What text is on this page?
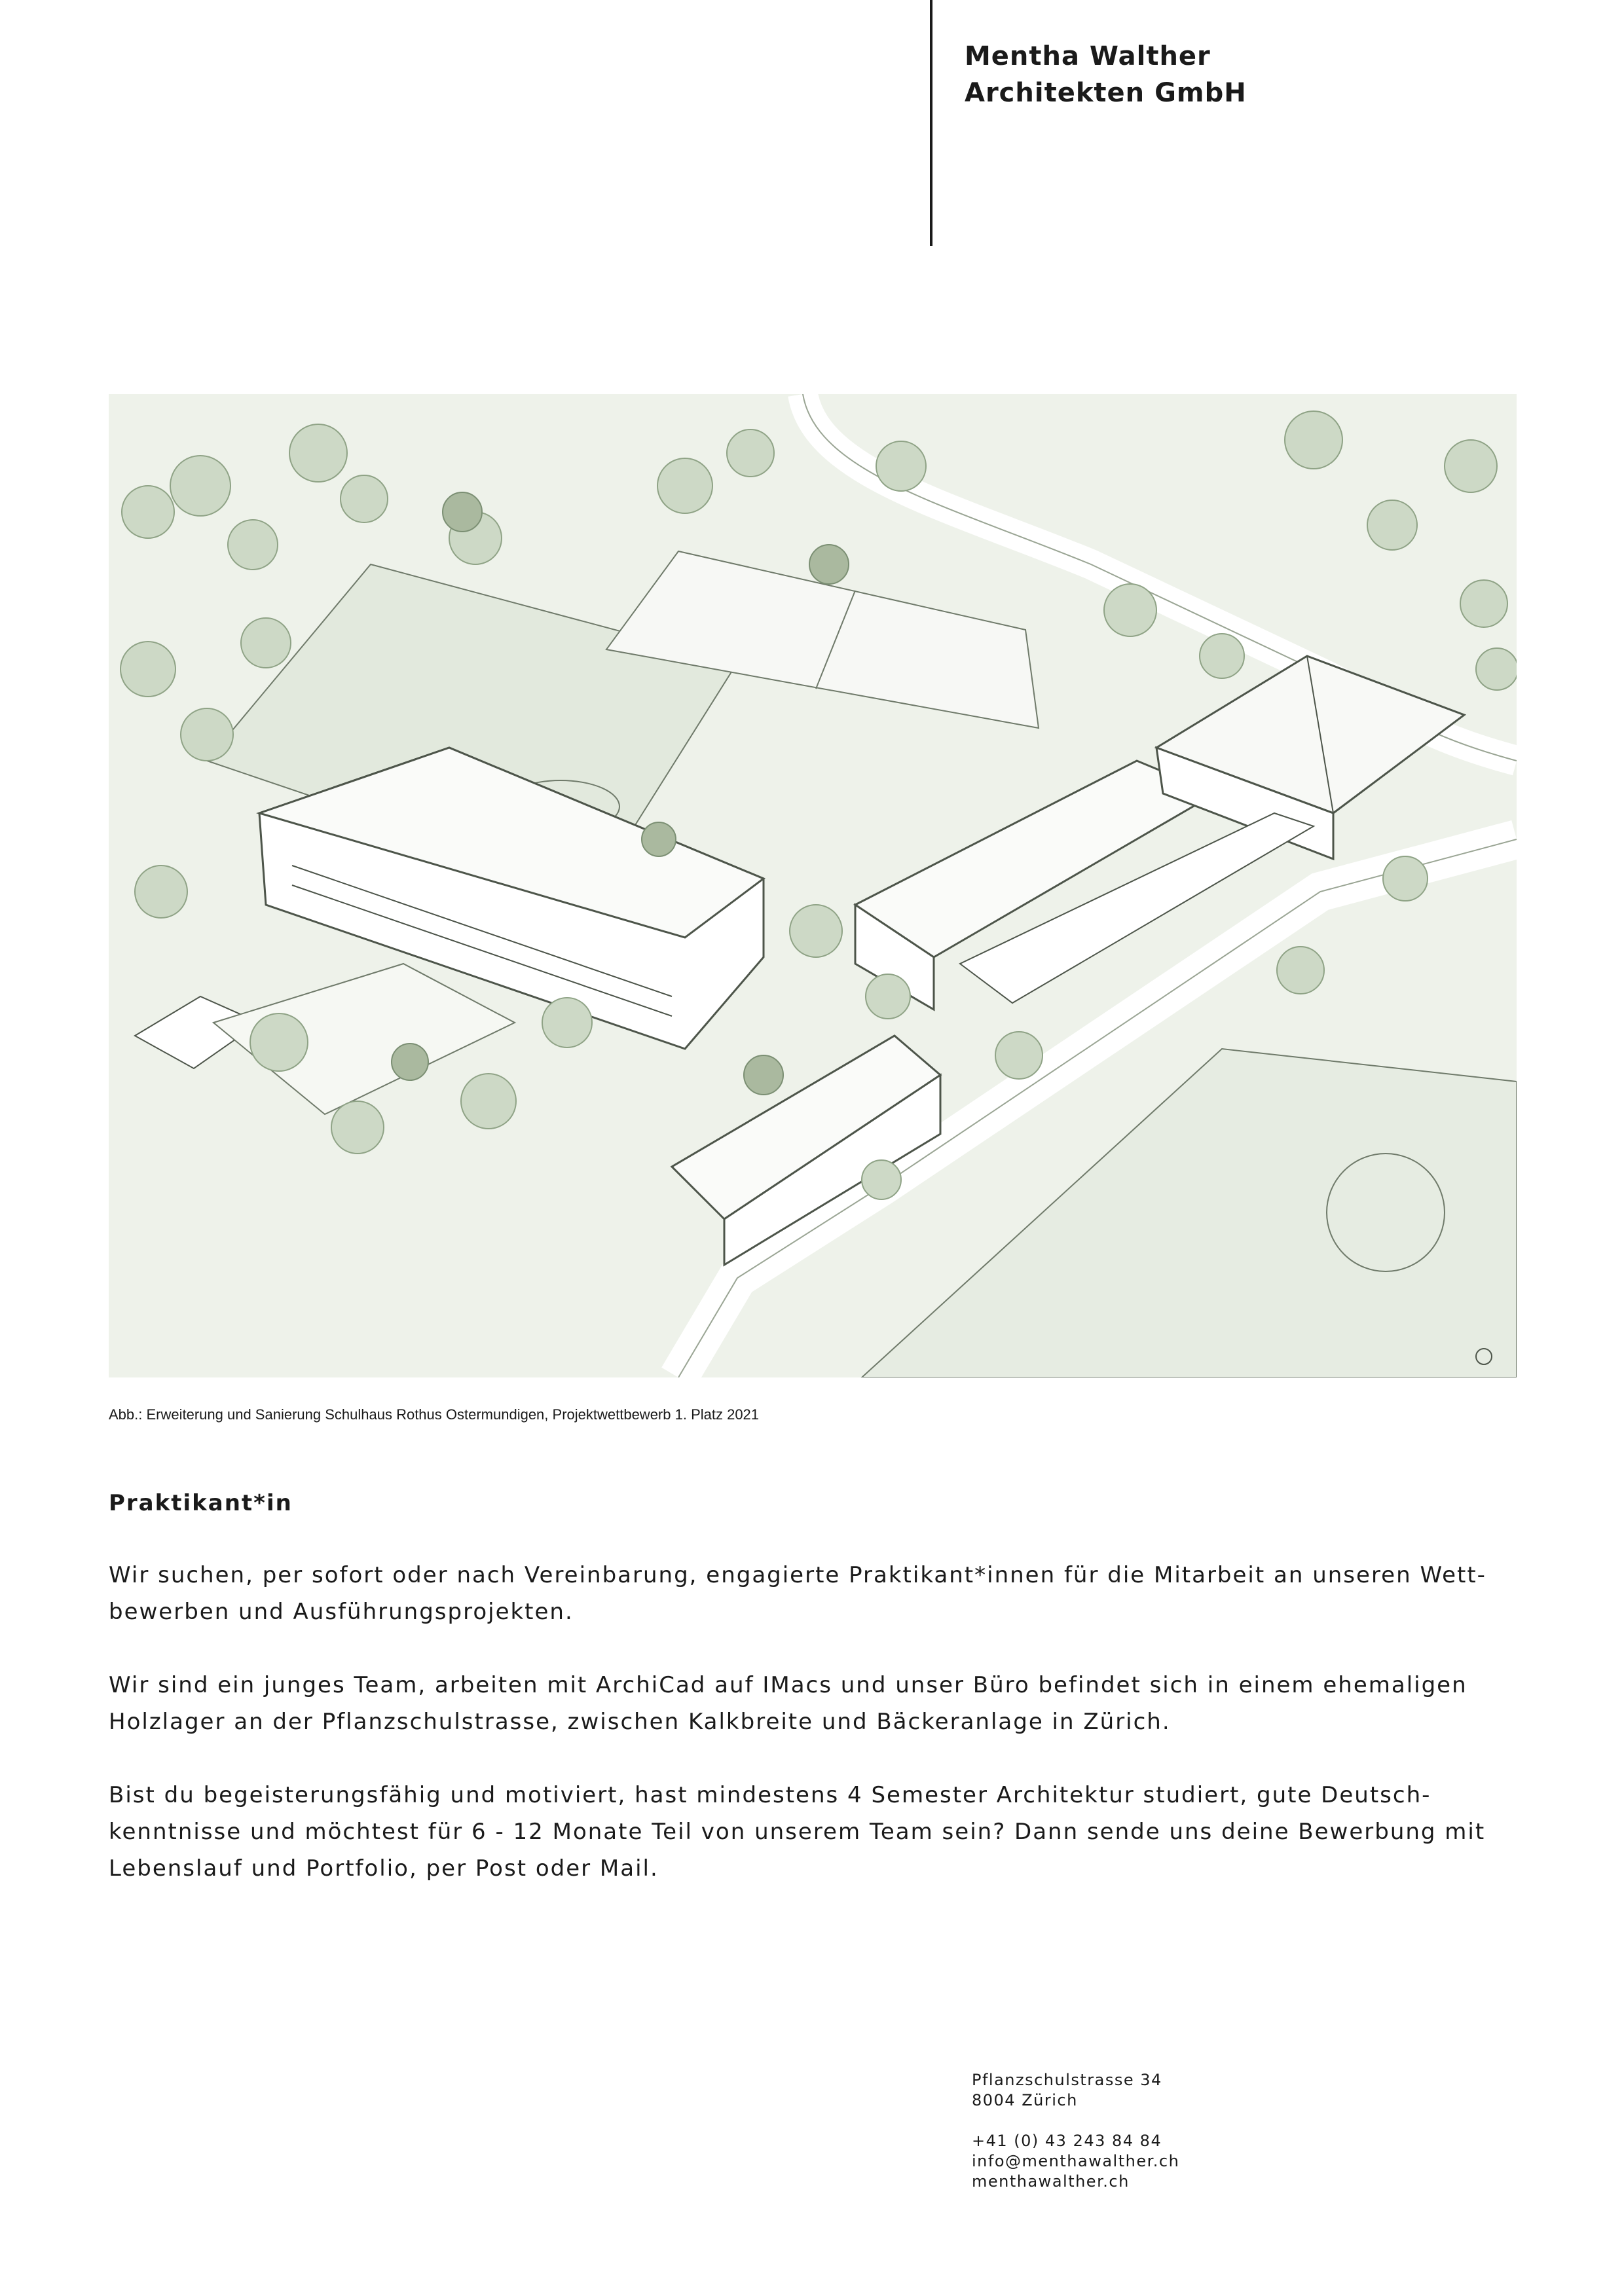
Mentha Walther
Architekten GmbH
Abb.: Erweiterung und Sanierung Schulhaus Rothus Ostermundigen, Projektwettbewerb 1. Platz 2021
Praktikant*in

Wir suchen, per sofort oder nach Vereinbarung, engagierte Praktikant*innen für die Mitarbeit an unseren Wett-
bewerben und Ausführungsprojekten.

Wir sind ein junges Team, arbeiten mit ArchiCad auf IMacs und unser Büro befindet sich in einem ehemaligen
Holzlager an der Pflanzschulstrasse, zwischen Kalkbreite und Bäckeranlage in Zürich.

Bist du begeisterungsfähig und motiviert, hast mindestens 4 Semester Architektur studiert, gute Deutsch-
kenntnisse und möchtest für 6 - 12 Monate Teil von unserem Team sein? Dann sende uns deine Bewerbung mit
Lebenslauf und Portfolio, per Post oder Mail.

Pflanzschulstrasse 34
8004 Zürich
+41 (0) 43 243 84 84
info@menthawalther.ch
menthawalther.ch
